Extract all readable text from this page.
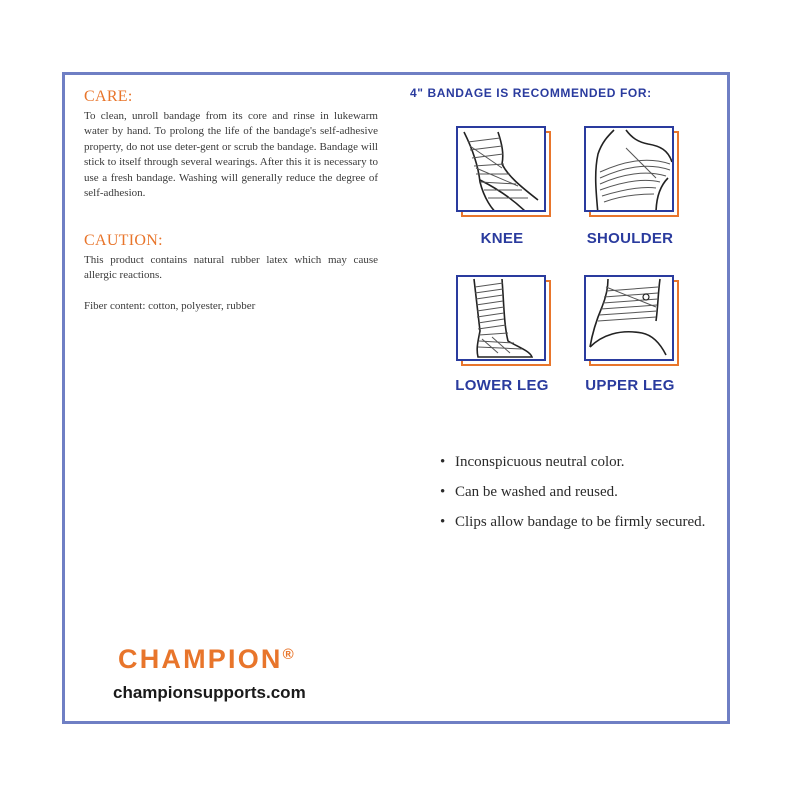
CARE:

To clean, unroll bandage from its core and rinse in lukewarm water by hand. To prolong the life of the bandage's self-adhesive property, do not use deter-gent or scrub the bandage. Bandage will stick to itself through several wearings. After this it is necessary to use a fresh bandage. Washing will generally reduce the degree of self-adhesion.

CAUTION:

This product contains natural rubber latex which may cause allergic reactions.

Fiber content: cotton, polyester, rubber

4" BANDAGE IS RECOMMENDED FOR:
KNEE	SHOULDER
LOWER LEG	UPPER LEG
• Inconspicuous neutral color.
• Can be washed and reused.
• Clips allow bandage to be firmly secured.
CHAMPION®
championsupports.com
